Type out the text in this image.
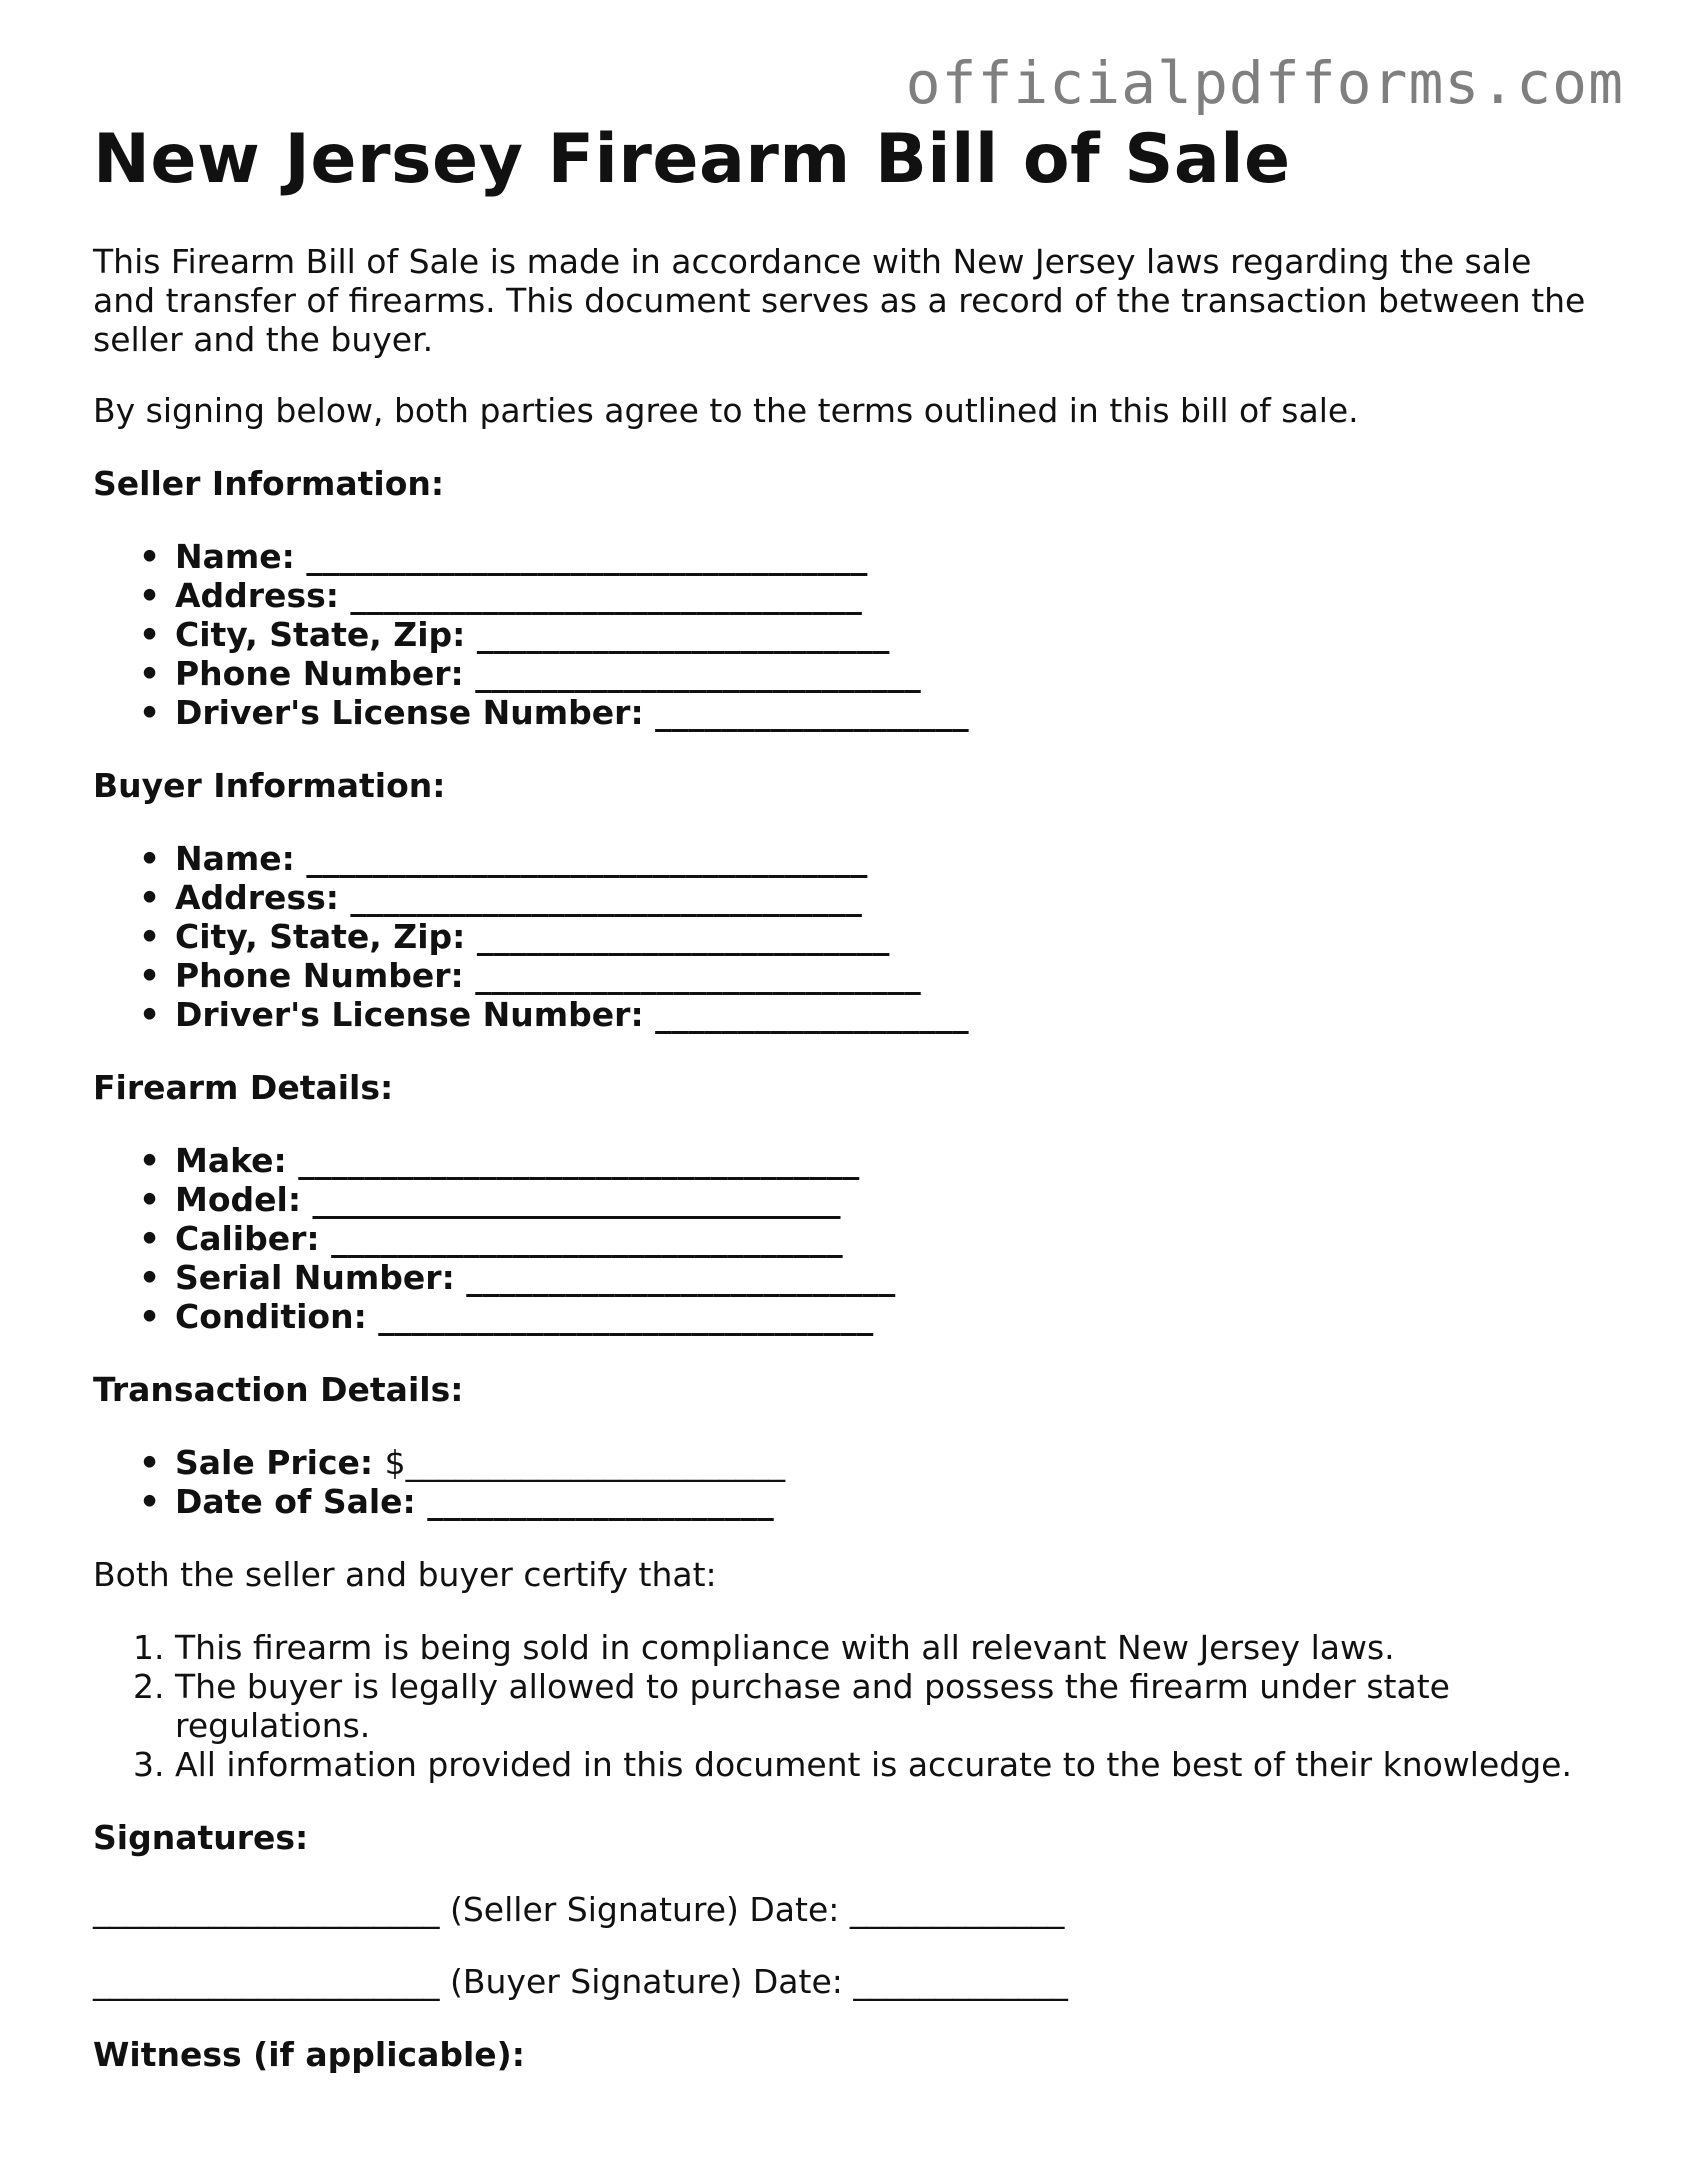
officialpdfforms.com
New Jersey Firearm Bill of Sale

This Firearm Bill of Sale is made in accordance with New Jersey laws regarding the sale and transfer of firearms. This document serves as a record of the transaction between the seller and the buyer.

By signing below, both parties agree to the terms outlined in this bill of sale.

Seller Information:
• Name: __________________________________
• Address: _______________________________
• City, State, Zip: _________________________
• Phone Number: ___________________________
• Driver's License Number: ___________________
Buyer Information:
• Name: __________________________________
• Address: _______________________________
• City, State, Zip: _________________________
• Phone Number: ___________________________
• Driver's License Number: ___________________
Firearm Details:
• Make: __________________________________
• Model: ________________________________
• Caliber: _______________________________
• Serial Number: __________________________
• Condition: ______________________________
Transaction Details:
• Sale Price: $_______________________
• Date of Sale: _____________________

Both the seller and buyer certify that:

1. This firearm is being sold in compliance with all relevant New Jersey laws.
2. The buyer is legally allowed to purchase and possess the firearm under state regulations.
3. All information provided in this document is accurate to the best of their knowledge.
Signatures:

_____________________ (Seller Signature) Date: _____________

_____________________ (Buyer Signature) Date: _____________

Witness (if applicable):
